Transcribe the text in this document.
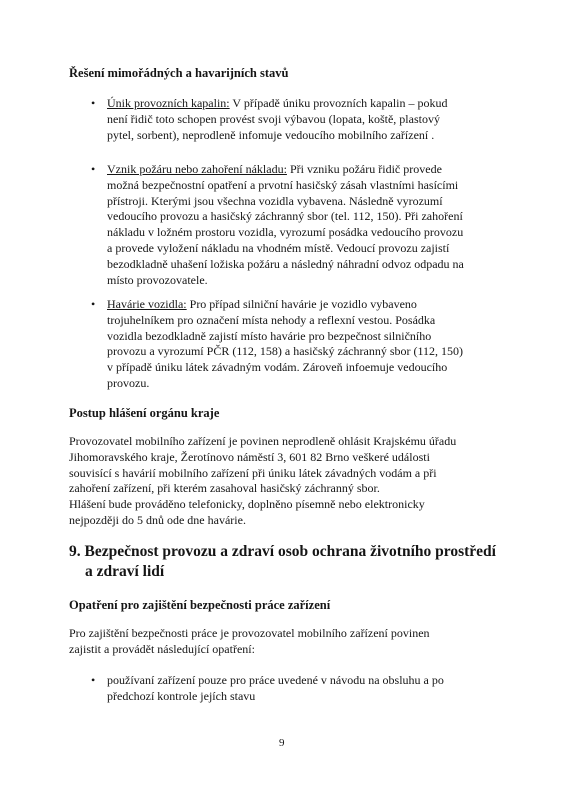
Řešení mimořádných a havarijních stavů
• Únik provozních kapalin: V případě úniku provozních kapalin – pokud
není řidič toto schopen provést svoji výbavou (lopata, koště, plastový
pytel, sorbent), neprodleně infomuje vedoucího mobilního zařízení .
• Vznik požáru nebo zahoření nákladu: Při vzniku požáru řidič provede
možná bezpečnostní opatření a prvotní hasičský zásah vlastními hasícími
přístroji. Kterými jsou všechna vozidla vybavena. Následně vyrozumí
vedoucího provozu a hasičský záchranný sbor (tel. 112, 150). Při zahoření
nákladu v ložném prostoru vozidla, vyrozumí posádka vedoucího provozu
a provede vyložení nákladu na vhodném místě. Vedoucí provozu zajistí
bezodkladně uhašení ložiska požáru a následný náhradní odvoz odpadu na
místo provozovatele.
• Havárie vozidla: Pro případ silniční havárie je vozidlo vybaveno
trojuhelníkem pro označení místa nehody a reflexní vestou. Posádka
vozidla bezodkladně zajistí místo havárie pro bezpečnost silničního
provozu a vyrozumí PČR (112, 158) a hasičský záchranný sbor (112, 150)
v případě úniku látek závadným vodám. Zároveň infoemuje vedoucího
provozu.
Postup hlášení orgánu kraje
Provozovatel mobilního zařízení je povinen neprodleně ohlásit Krajskému úřadu
Jihomoravského kraje, Žerotínovo náměstí 3, 601 82 Brno veškeré události
souvisící s havárií mobilního zařízení při úniku látek závadných vodám a při
zahoření zařízení, při kterém zasahoval hasičský záchranný sbor.
Hlášení bude prováděno telefonicky, doplněno písemně nebo elektronicky
nejpozději do 5 dnů ode dne havárie.
9. Bezpečnost provozu a zdraví osob ochrana životního prostředí
a zdraví lidí
Opatření pro zajištění bezpečnosti práce zařízení
Pro zajištění bezpečnosti práce je provozovatel mobilního zařízení povinen
zajistit a provádět následující opatření:
• používaní zařízení pouze pro práce uvedené v návodu na obsluhu a po
předchozí kontrole jejích stavu
9
